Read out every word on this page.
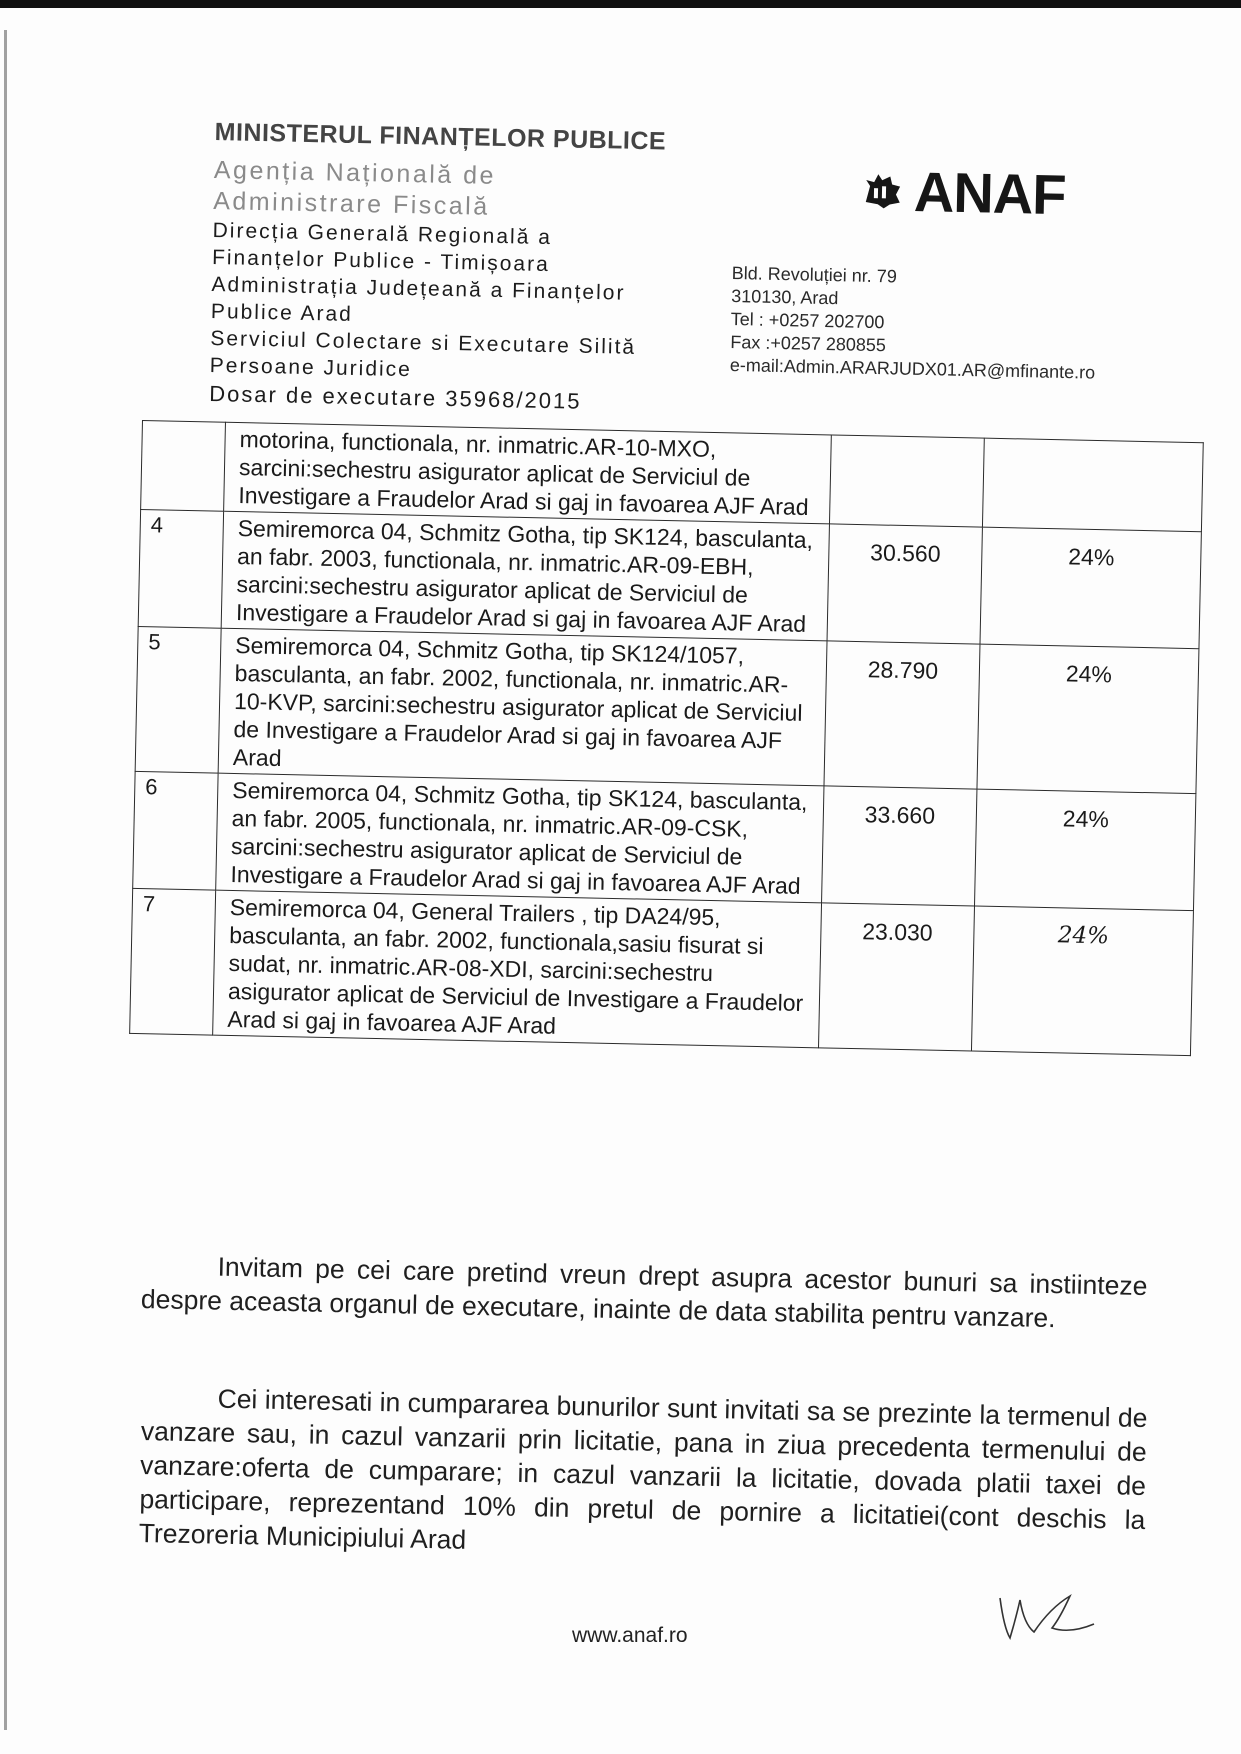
MINISTERUL FINANȚELOR PUBLICE

Agenția Națională de

Administrare Fiscală

Direcția Generală Regională a

Finanțelor Publice - Timișoara

Administrația Județeană a Finanțelor

Publice Arad

Serviciul Colectare si Executare Silită

Persoane Juridice

Dosar de executare 35968/2015

ANAF
Bld. Revoluției nr. 79
310130, Arad
Tel : +0257 202700
Fax :+0257 280855
e-mail:Admin.ARARJUDX01.AR@mfinante.ro
	motorina, functionala, nr. inmatric.AR-10-MXO, sarcini:sechestru asigurator aplicat de Serviciul de Investigare a Fraudelor Arad si gaj in favoarea AJF Arad		
4	Semiremorca 04, Schmitz Gotha, tip SK124, basculanta, an fabr. 2003, functionala, nr. inmatric.AR-09-EBH, sarcini:sechestru asigurator aplicat de Serviciul de Investigare a Fraudelor Arad si gaj in favoarea AJF Arad	30.560	24%
5	Semiremorca 04, Schmitz Gotha, tip SK124/1057, basculanta, an fabr. 2002, functionala, nr. inmatric.AR-10-KVP, sarcini:sechestru asigurator aplicat de Serviciul de Investigare a Fraudelor Arad si gaj in favoarea AJF Arad	28.790	24%
6	Semiremorca 04, Schmitz Gotha, tip SK124, basculanta, an fabr. 2005, functionala, nr. inmatric.AR-09-CSK, sarcini:sechestru asigurator aplicat de Serviciul de Investigare a Fraudelor Arad si gaj in favoarea AJF Arad	33.660	24%
7	Semiremorca 04, General Trailers , tip DA24/95, basculanta, an fabr. 2002, functionala,sasiu fisurat si sudat, nr. inmatric.AR-08-XDI, sarcini:sechestru asigurator aplicat de Serviciul de Investigare a Fraudelor Arad si gaj in favoarea AJF Arad	23.030	24%

Invitam pe cei care pretind vreun drept asupra acestor bunuri sa instiinteze despre aceasta organul de executare, inainte de data stabilita pentru vanzare.

Cei interesati in cumpararea bunurilor sunt invitati sa se prezinte la termenul de vanzare sau, in cazul vanzarii prin licitatie, pana in ziua precedenta termenului de vanzare:oferta de cumparare; in cazul vanzarii la licitatie, dovada platii taxei de participare, reprezentand 10% din pretul de pornire a licitatiei(cont deschis la Trezoreria Municipiului Arad

www.anaf.ro
